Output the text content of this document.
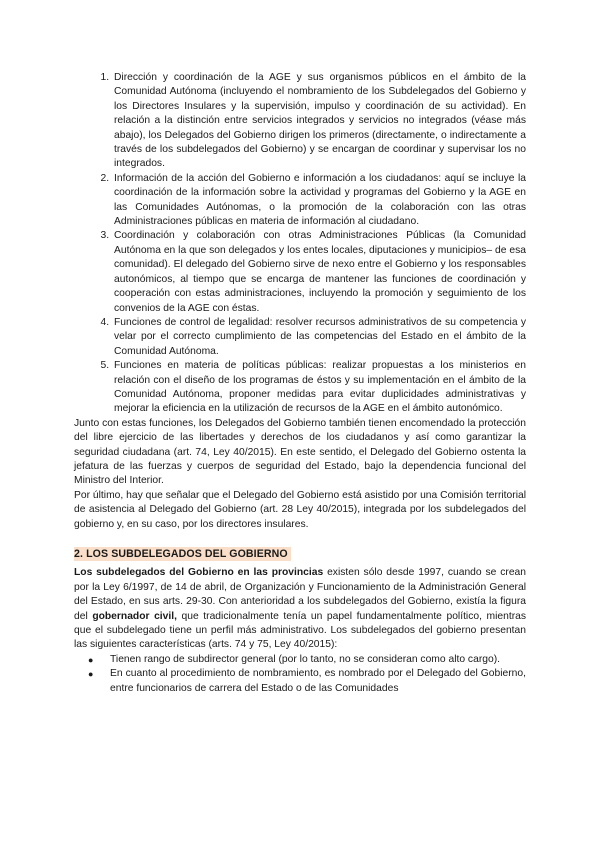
1. Dirección y coordinación de la AGE y sus organismos públicos en el ámbito de la Comunidad Autónoma (incluyendo el nombramiento de los Subdelegados del Gobierno y los Directores Insulares y la supervisión, impulso y coordinación de su actividad). En relación a la distinción entre servicios integrados y servicios no integrados (véase más abajo), los Delegados del Gobierno dirigen los primeros (directamente, o indirectamente a través de los subdelegados del Gobierno) y se encargan de coordinar y supervisar los no integrados.
2. Información de la acción del Gobierno e información a los ciudadanos: aquí se incluye la coordinación de la información sobre la actividad y programas del Gobierno y la AGE en las Comunidades Autónomas, o la promoción de la colaboración con las otras Administraciones públicas en materia de información al ciudadano.
3. Coordinación y colaboración con otras Administraciones Públicas (la Comunidad Autónoma en la que son delegados y los entes locales, diputaciones y municipios– de esa comunidad). El delegado del Gobierno sirve de nexo entre el Gobierno y los responsables autonómicos, al tiempo que se encarga de mantener las funciones de coordinación y cooperación con estas administraciones, incluyendo la promoción y seguimiento de los convenios de la AGE con éstas.
4. Funciones de control de legalidad: resolver recursos administrativos de su competencia y velar por el correcto cumplimiento de las competencias del Estado en el ámbito de la Comunidad Autónoma.
5. Funciones en materia de políticas públicas: realizar propuestas a los ministerios en relación con el diseño de los programas de éstos y su implementación en el ámbito de la Comunidad Autónoma, proponer medidas para evitar duplicidades administrativas y mejorar la eficiencia en la utilización de recursos de la AGE en el ámbito autonómico.

Junto con estas funciones, los Delegados del Gobierno también tienen encomendado la protección del libre ejercicio de las libertades y derechos de los ciudadanos y así como garantizar la seguridad ciudadana (art. 74, Ley 40/2015). En este sentido, el Delegado del Gobierno ostenta la jefatura de las fuerzas y cuerpos de seguridad del Estado, bajo la dependencia funcional del Ministro del Interior.

Por último, hay que señalar que el Delegado del Gobierno está asistido por una Comisión territorial de asistencia al Delegado del Gobierno (art. 28 Ley 40/2015), integrada por los subdelegados del gobierno y, en su caso, por los directores insulares.

2. LOS SUBDELEGADOS DEL GOBIERNO

Los subdelegados del Gobierno en las provincias existen sólo desde 1997, cuando se crean por la Ley 6/1997, de 14 de abril, de Organización y Funcionamiento de la Administración General del Estado, en sus arts. 29-30. Con anterioridad a los subdelegados del Gobierno, existía la figura del gobernador civil, que tradicionalmente tenía un papel fundamentalmente político, mientras que el subdelegado tiene un perfil más administrativo. Los subdelegados del gobierno presentan las siguientes características (arts. 74 y 75, Ley 40/2015):

● Tienen rango de subdirector general (por lo tanto, no se consideran como alto cargo).
● En cuanto al procedimiento de nombramiento, es nombrado por el Delegado del Gobierno, entre funcionarios de carrera del Estado o de las Comunidades
